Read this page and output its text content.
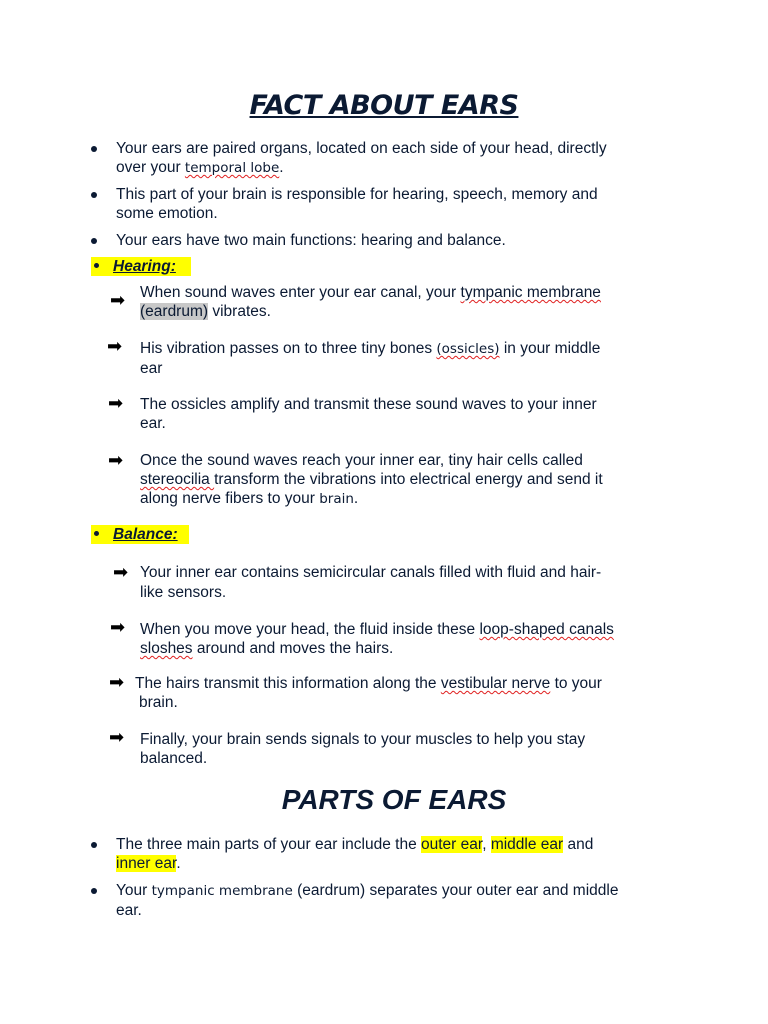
FACT ABOUT EARS

Your ears are paired organs, located on each side of your head, directly
over your temporal lobe.

This part of your brain is responsible for hearing, speech, memory and
some emotion.

Your ears have two main functions: hearing and balance.

Hearing:
➡ When sound waves enter your ear canal, your tympanic membrane
(eardrum) vibrates.

➡ His vibration passes on to three tiny bones (ossicles) in your middle
ear

➡ The ossicles amplify and transmit these sound waves to your inner
ear.

➡ Once the sound waves reach your inner ear, tiny hair cells called
stereocilia transform the vibrations into electrical energy and send it
along nerve fibers to your brain.

Balance:
➡ Your inner ear contains semicircular canals filled with fluid and hair-
like sensors.

➡ When you move your head, the fluid inside these loop-shaped canals
sloshes around and moves the hairs.

➡ The hairs transmit this information along the vestibular nerve to your
brain.

➡ Finally, your brain sends signals to your muscles to help you stay
balanced.

PARTS OF EARS

The three main parts of your ear include the outer ear, middle ear and
inner ear.

Your tympanic membrane (eardrum) separates your outer ear and middle
ear.
